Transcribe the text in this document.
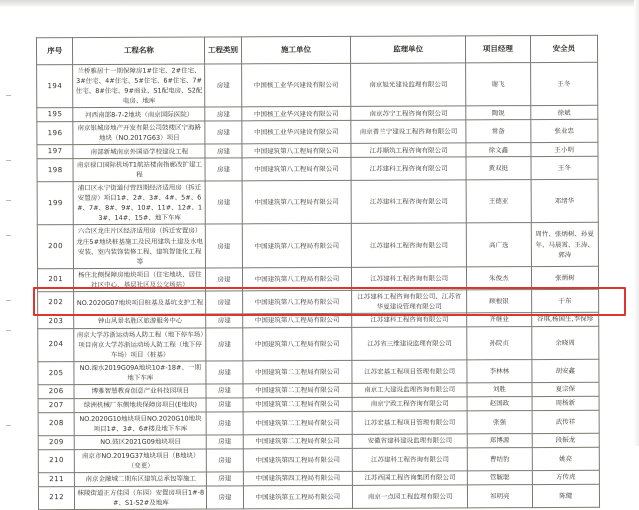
序号	工程名称	工程类别	施工单位	监理单位	项目经理	安全员
194	兰桥雅居十一期保障房1#住宅、2#住宅、3#住宅、4#住宅、5#住宅、6#住宅、7#住宅、8#住宅、9#商业、S1配电房、S2配电房、地库	房建	中国核工业华兴建设有限公司	南京旭光建设监理有限公司	谢飞	王冬
195	河西南部8-7-2地块（南京国际医院）	房建	中国核工业华兴建设有限公司	南京苏宁工程咨询有限公司	陶锐	徐斌
196	南京银城房地产开发有限公司鼓楼区宁海路地块（NO.2017G63）项目	房建	中国核工业华兴建设有限公司	南京普兰宁建设工程咨询有限公司	常备	张业忠
197	南部新城南京外国语学校建设工程	房建	中国建筑第八工程局有限公司	江苏顺筑工程咨询有限公司	徐文鑫	王小明
198	南京禄口国际机场T1航站楼南指廊改扩建工程	房建	中国建筑第八工程局有限公司	江苏建科工程咨询有限公司	黄双挺	王冬
199	浦口区永宁街道付营四期经济适用房（拆迁安置房）项目1#、2#、3#、4#、5#、6#、7#、8#、9#、10#、11#、12#、13#、14#、15#、地下车库	房建	中国建筑第八工程局有限公司	江苏建科工程咨询有限公司	王德亚	邓绪华
200	六合区龙庄片区经济适用房（拆迁安置房）龙庄5#地块桩基施工及民用建筑土建及水电安装、室内装饰装修工程、建筑智能化工程等	房建	中国建筑第八工程局有限公司	江苏建科工程咨询有限公司	高广选	周竹、张炳树、孙夏年、马晨霄、王涛、郭涛
201	杨庄北侧保障房地块项目（住宅地块、居住社区中心、基层社区及公交场站）	房建	中国建筑第八工程局有限公司	江苏建科工程咨询有限公司	朱俊杰	张炳树
202	NO.2020G07地块项目桩基及基坑支护工程	房建	中国建筑第八工程局有限公司	江苏建科工程咨询有限公司、江苏省华夏建设管理有限公司	顾根银	于东
203	钟山风景名胜区旅游服务中心	房建	中国建筑第八工程局有限公司	江苏建科工程咨询有限公司	齐继业	谷琪,杨国生,李保珍
204	南京大学苏浙运动场人防工程（地下停车场）项目南京大学苏浙运动场人防工程（地下停车场）项目（桩基）	房建	中国建筑第八工程局有限公司	江苏省三维建设监理有限公司	孙院贞	余晓周
205	NO.溧水2019G09A地块10#-18#、一期地下车库	房建	中国建筑第二工程局有限公司	江苏宏基工程项目管理有限公司	李林林	胡安鑫
206	博雅智慧教育创意产业科技园项目	房建	中国建筑第二工程局有限公司	南京工大建设监理咨询有限公司	刘胜	夏宗保
207	绿洲机械厂东侧地块保障房项目(E地块)	房建	中国建筑第二工程局有限公司	南京宁政工程咨询有限公司	赵国政	周杨新
208	NO.2020G10地块项目NO.2020G10地块项目1#、3#、6#楼及地下车库	房建	中国建筑第二工程局有限公司	江苏宏基工程项目管理有限公司	张强	武传祥
209	NO.鼓区2021G09地块项目	房建	中国建筑第二工程局有限公司	安徽省建科建设监理有限公司	郑博源	段振龙
210	南京市NO.2019G37地块项目（B地块）（变更）	房建	中国建筑第四工程局有限公司	江苏建科工程咨询有限公司	曹结豹	姚亮
211	南京金融城二期东区建筑总承包等施工	房建	中国建筑第四工程局有限公司	江苏西国工程咨询集团有限公司	管毓聪	方传虎
212	秣陵街道正方佳园（东园）安置房项目1#-8#、S1-S2#及地库	房建	中国建筑第五工程局有限公司	南京一点园工程监理有限公司	祁明亮	陈健
